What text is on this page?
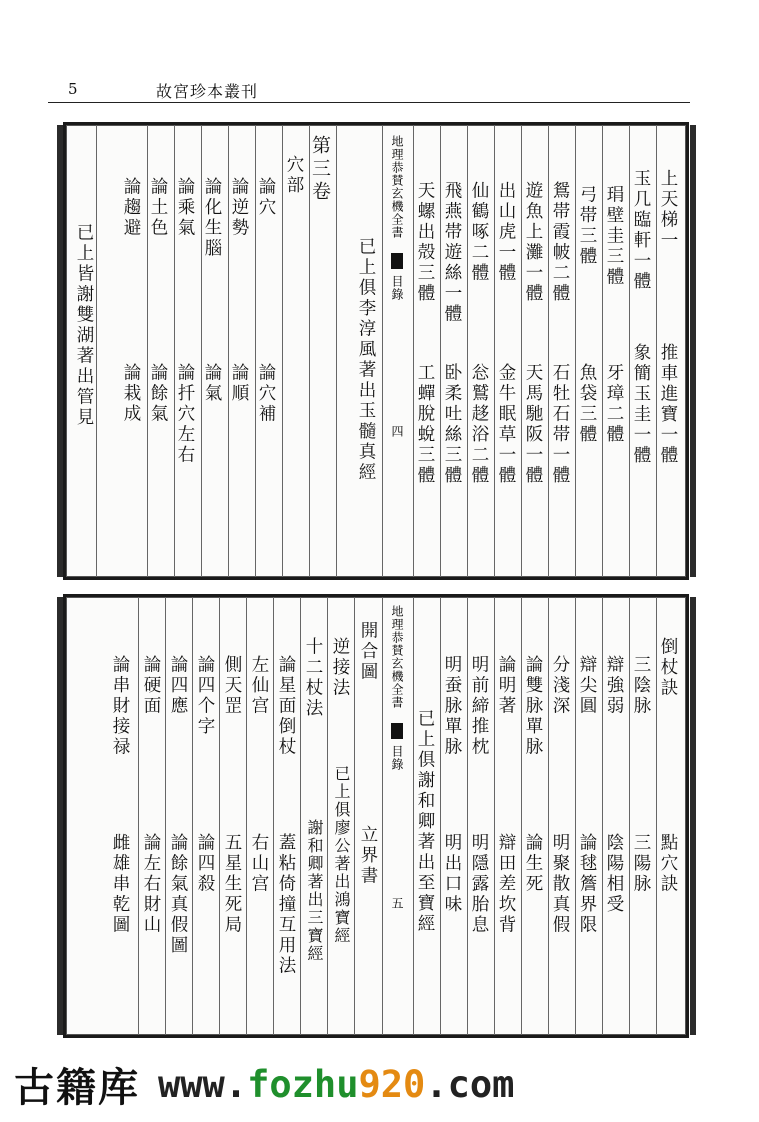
5	故宮珍本叢刊
上天梯一
推車進寶一體
玉几臨軒一體
象簡玉圭一體
琄壁圭三體
牙璋二體
弓帯三體
魚袋三體
鴛帯霞帔二體
石牡石帯一體
遊魚上灘一體
天馬馳阪一體
出山虎一體
金牛眠草一體
仙鶴啄二體
忩鷲趍浴二體
飛燕帯遊絲一體
卧柔吐絲三體
天螺出殻三體
工蟬脫蛻三體
地理恭賛玄機全書
目錄
四
已上俱李淳風著出玉髓真經
第三卷
穴部
論穴
論穴補
論逆勢
論順
論化生腦
論氣
論乘氣
論扦穴左右
論土色
論餘氣
論趨避
論栽成
已上皆謝雙湖著出管見
倒杖訣
點穴訣
三陰脉
三陽脉
辯強弱
陰陽相受
辯尖圓
論毬簷界限
分淺深
明聚散真假
論雙脉單脉
論生死
論明著
辯田差坎背
明前締推枕
明隱露胎息
明蚕脉單脉
明出口味
已上俱謝和卿著出至寶經
地理恭賛玄機全書
目錄
五
開合圖
立界書
逆接法
已上俱廖公著出鴻寶經
十二杖法
謝和卿著出三寶經
論星面倒杖
蓋粘倚撞互用法
左仙宫
右山宫
側天罡
五星生死局
論四个字
論四殺
論四應
論餘氣真假圖
論硬面
論左右財山
論串財接禄
雌雄串乾圖
古籍库 www.fozhu920.com
